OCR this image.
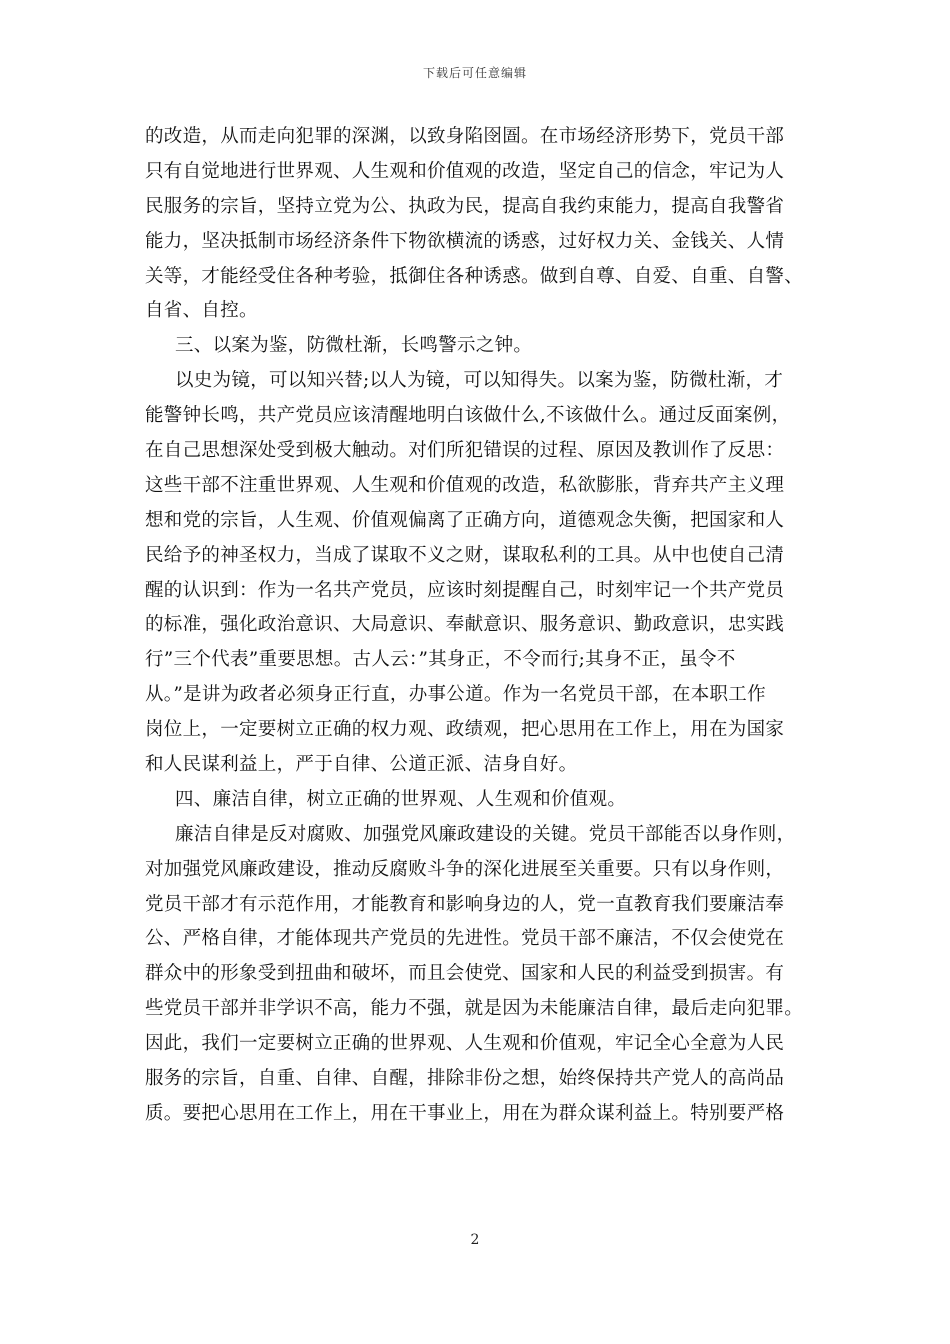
下载后可任意编辑
的改造，从而走向犯罪的深渊，以致身陷囹圄。在市场经济形势下，党员干部
只有自觉地进行世界观、人生观和价值观的改造，坚定自己的信念，牢记为人
民服务的宗旨，坚持立党为公、执政为民，提高自我约束能力，提高自我警省
能力，坚决抵制市场经济条件下物欲横流的诱惑，过好权力关、金钱关、人情
关等，才能经受住各种考验，抵御住各种诱惑。做到自尊、自爱、自重、自警、
自省、自控。
三、以案为鉴，防微杜渐，长鸣警示之钟。
以史为镜，可以知兴替;以人为镜，可以知得失。以案为鉴，防微杜渐，才
能警钟长鸣，共产党员应该清醒地明白该做什么,不该做什么。通过反面案例，
在自己思想深处受到极大触动。对们所犯错误的过程、原因及教训作了反思：
这些干部不注重世界观、人生观和价值观的改造，私欲膨胀，背弃共产主义理
想和党的宗旨，人生观、价值观偏离了正确方向，道德观念失衡，把国家和人
民给予的神圣权力，当成了谋取不义之财，谋取私利的工具。从中也使自己清
醒的认识到：作为一名共产党员，应该时刻提醒自己，时刻牢记一个共产党员
的标准，强化政治意识、大局意识、奉献意识、服务意识、勤政意识，忠实践
行”三个代表”重要思想。古人云：”其身正，不令而行;其身不正，虽令不
从。”是讲为政者必须身正行直，办事公道。作为一名党员干部，在本职工作
岗位上，一定要树立正确的权力观、政绩观，把心思用在工作上，用在为国家
和人民谋利益上，严于自律、公道正派、洁身自好。
四、廉洁自律，树立正确的世界观、人生观和价值观。
廉洁自律是反对腐败、加强党风廉政建设的关键。党员干部能否以身作则，
对加强党风廉政建设，推动反腐败斗争的深化进展至关重要。只有以身作则，
党员干部才有示范作用，才能教育和影响身边的人，党一直教育我们要廉洁奉
公、严格自律，才能体现共产党员的先进性。党员干部不廉洁，不仅会使党在
群众中的形象受到扭曲和破坏，而且会使党、国家和人民的利益受到损害。有
些党员干部并非学识不高，能力不强，就是因为未能廉洁自律，最后走向犯罪。
因此，我们一定要树立正确的世界观、人生观和价值观，牢记全心全意为人民
服务的宗旨，自重、自律、自醒，排除非份之想，始终保持共产党人的高尚品
质。要把心思用在工作上，用在干事业上，用在为群众谋利益上。特别要严格
2
